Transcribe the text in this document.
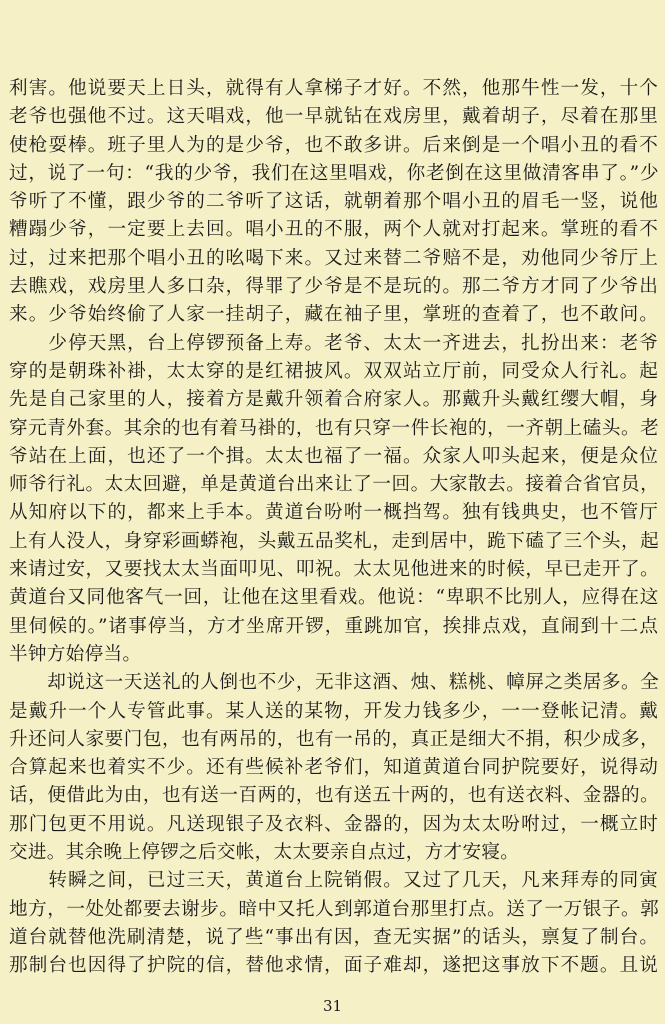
利害。他说要天上日头，就得有人拿梯子才好。不然，他那牛性一发，十个
老爷也强他不过。这天唱戏，他一早就钻在戏房里，戴着胡子，尽着在那里
使枪耍棒。班子里人为的是少爷，也不敢多讲。后来倒是一个唱小丑的看不
过，说了一句：“我的少爷，我们在这里唱戏，你老倒在这里做清客串了。”少
爷听了不懂，跟少爷的二爷听了这话，就朝着那个唱小丑的眉毛一竖，说他
糟蹋少爷，一定要上去回。唱小丑的不服，两个人就对打起来。掌班的看不
过，过来把那个唱小丑的吆喝下来。又过来替二爷赔不是，劝他同少爷厅上
去瞧戏，戏房里人多口杂，得罪了少爷是不是玩的。那二爷方才同了少爷出
来。少爷始终偷了人家一挂胡子，藏在袖子里，掌班的查着了，也不敢问。
　　少停天黑，台上停锣预备上寿。老爷、太太一齐进去，扎扮出来：老爷
穿的是朝珠补褂，太太穿的是红裙披风。双双站立厅前，同受众人行礼。起
先是自己家里的人，接着方是戴升领着合府家人。那戴升头戴红缨大帽，身
穿元青外套。其余的也有着马褂的，也有只穿一件长袍的，一齐朝上磕头。老
爷站在上面，也还了一个揖。太太也福了一福。众家人叩头起来，便是众位
师爷行礼。太太回避，单是黄道台出来让了一回。大家散去。接着合省官员，
从知府以下的，都来上手本。黄道台吩咐一概挡驾。独有钱典史，也不管厅
上有人没人，身穿彩画蟒袍，头戴五品奖札，走到居中，跪下磕了三个头，起
来请过安，又要找太太当面叩见、叩祝。太太见他进来的时候，早已走开了。
黄道台又同他客气一回，让他在这里看戏。他说：“卑职不比别人，应得在这
里伺候的。”诸事停当，方才坐席开锣，重跳加官，挨排点戏，直闹到十二点
半钟方始停当。
　　却说这一天送礼的人倒也不少，无非这酒、烛、糕桃、幛屏之类居多。全
是戴升一个人专管此事。某人送的某物，开发力钱多少，一一登帐记清。戴
升还问人家要门包，也有两吊的，也有一吊的，真正是细大不捐，积少成多，
合算起来也着实不少。还有些候补老爷们，知道黄道台同护院要好，说得动
话，便借此为由，也有送一百两的，也有送五十两的，也有送衣料、金器的。
那门包更不用说。凡送现银子及衣料、金器的，因为太太吩咐过，一概立时
交进。其余晚上停锣之后交帐，太太要亲自点过，方才安寝。
　　转瞬之间，已过三天，黄道台上院销假。又过了几天，凡来拜寿的同寅
地方，一处处都要去谢步。暗中又托人到郭道台那里打点。送了一万银子。郭
道台就替他洗刷清楚，说了些“事出有因，查无实据”的话头，禀复了制台。
那制台也因得了护院的信，替他求情，面子难却，遂把这事放下不题。且说
31
